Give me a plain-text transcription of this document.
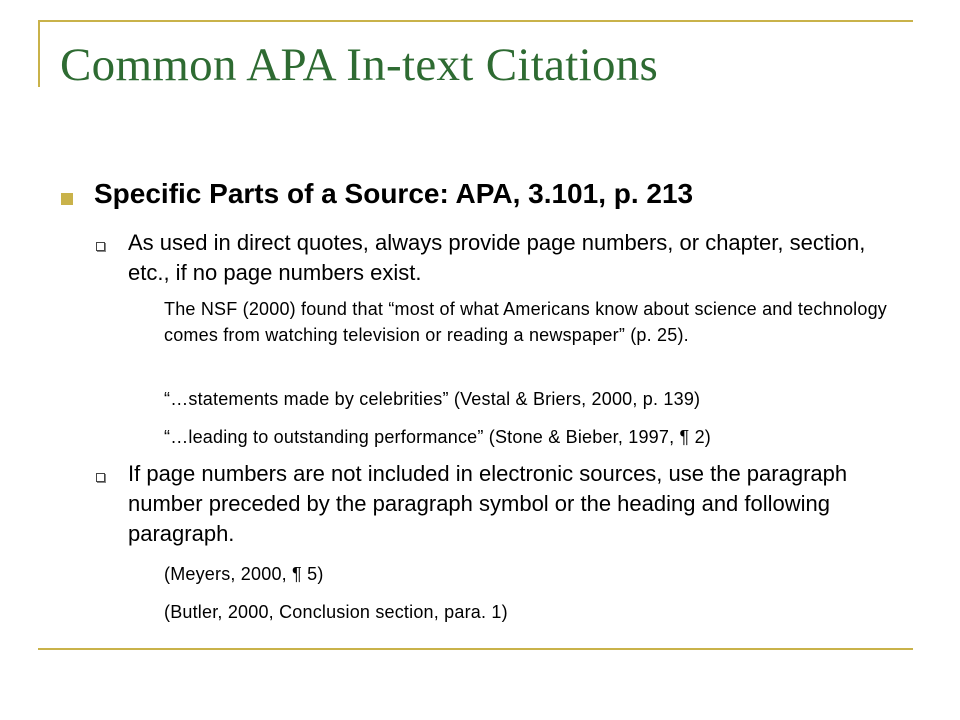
Common APA In-text Citations
Specific Parts of a Source: APA, 3.101, p. 213
As used in direct quotes, always provide page numbers, or chapter, section, etc., if no page numbers exist.
The NSF (2000) found that “most of what Americans know about science and technology comes from watching television or reading a newspaper” (p. 25).
“…statements made by celebrities” (Vestal & Briers, 2000, p. 139)
“…leading to outstanding performance” (Stone & Bieber, 1997, ¶ 2)
If page numbers are not included in electronic sources, use the paragraph number preceded by the paragraph symbol or the heading and following paragraph.
(Meyers, 2000, ¶ 5)
(Butler, 2000, Conclusion section, para. 1)
